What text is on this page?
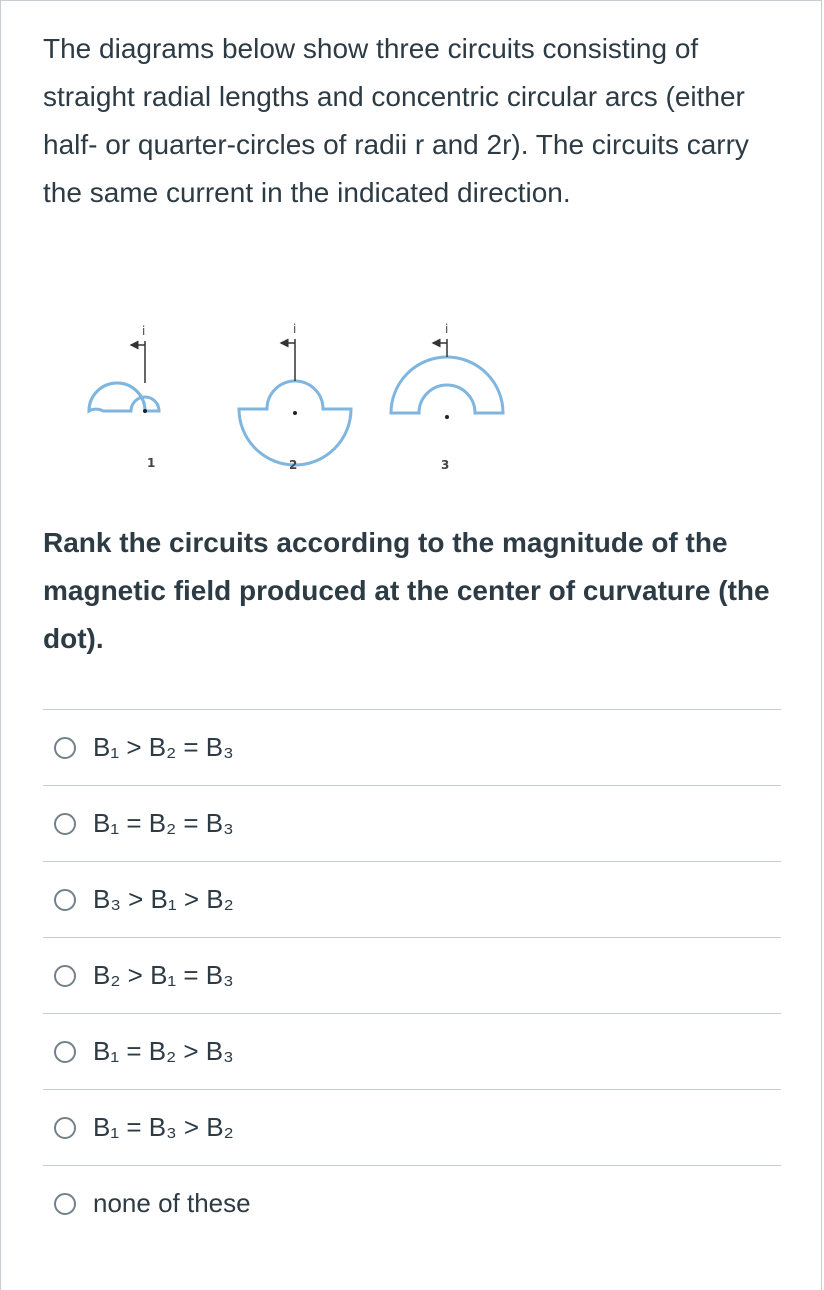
The diagrams below show three circuits consisting of straight radial lengths and concentric circular arcs (either half- or quarter-circles of radii r and 2r). The circuits carry the same current in the indicated direction.

i
1
i
2
i
3

Rank the circuits according to the magnitude of the magnetic field produced at the center of curvature (the dot).

B₁ > B₂ = B₃
B₁ = B₂ = B₃
B₃ > B₁ > B₂
B₂ > B₁ = B₃
B₁ = B₂ > B₃
B₁ = B₃ > B₂
none of these
